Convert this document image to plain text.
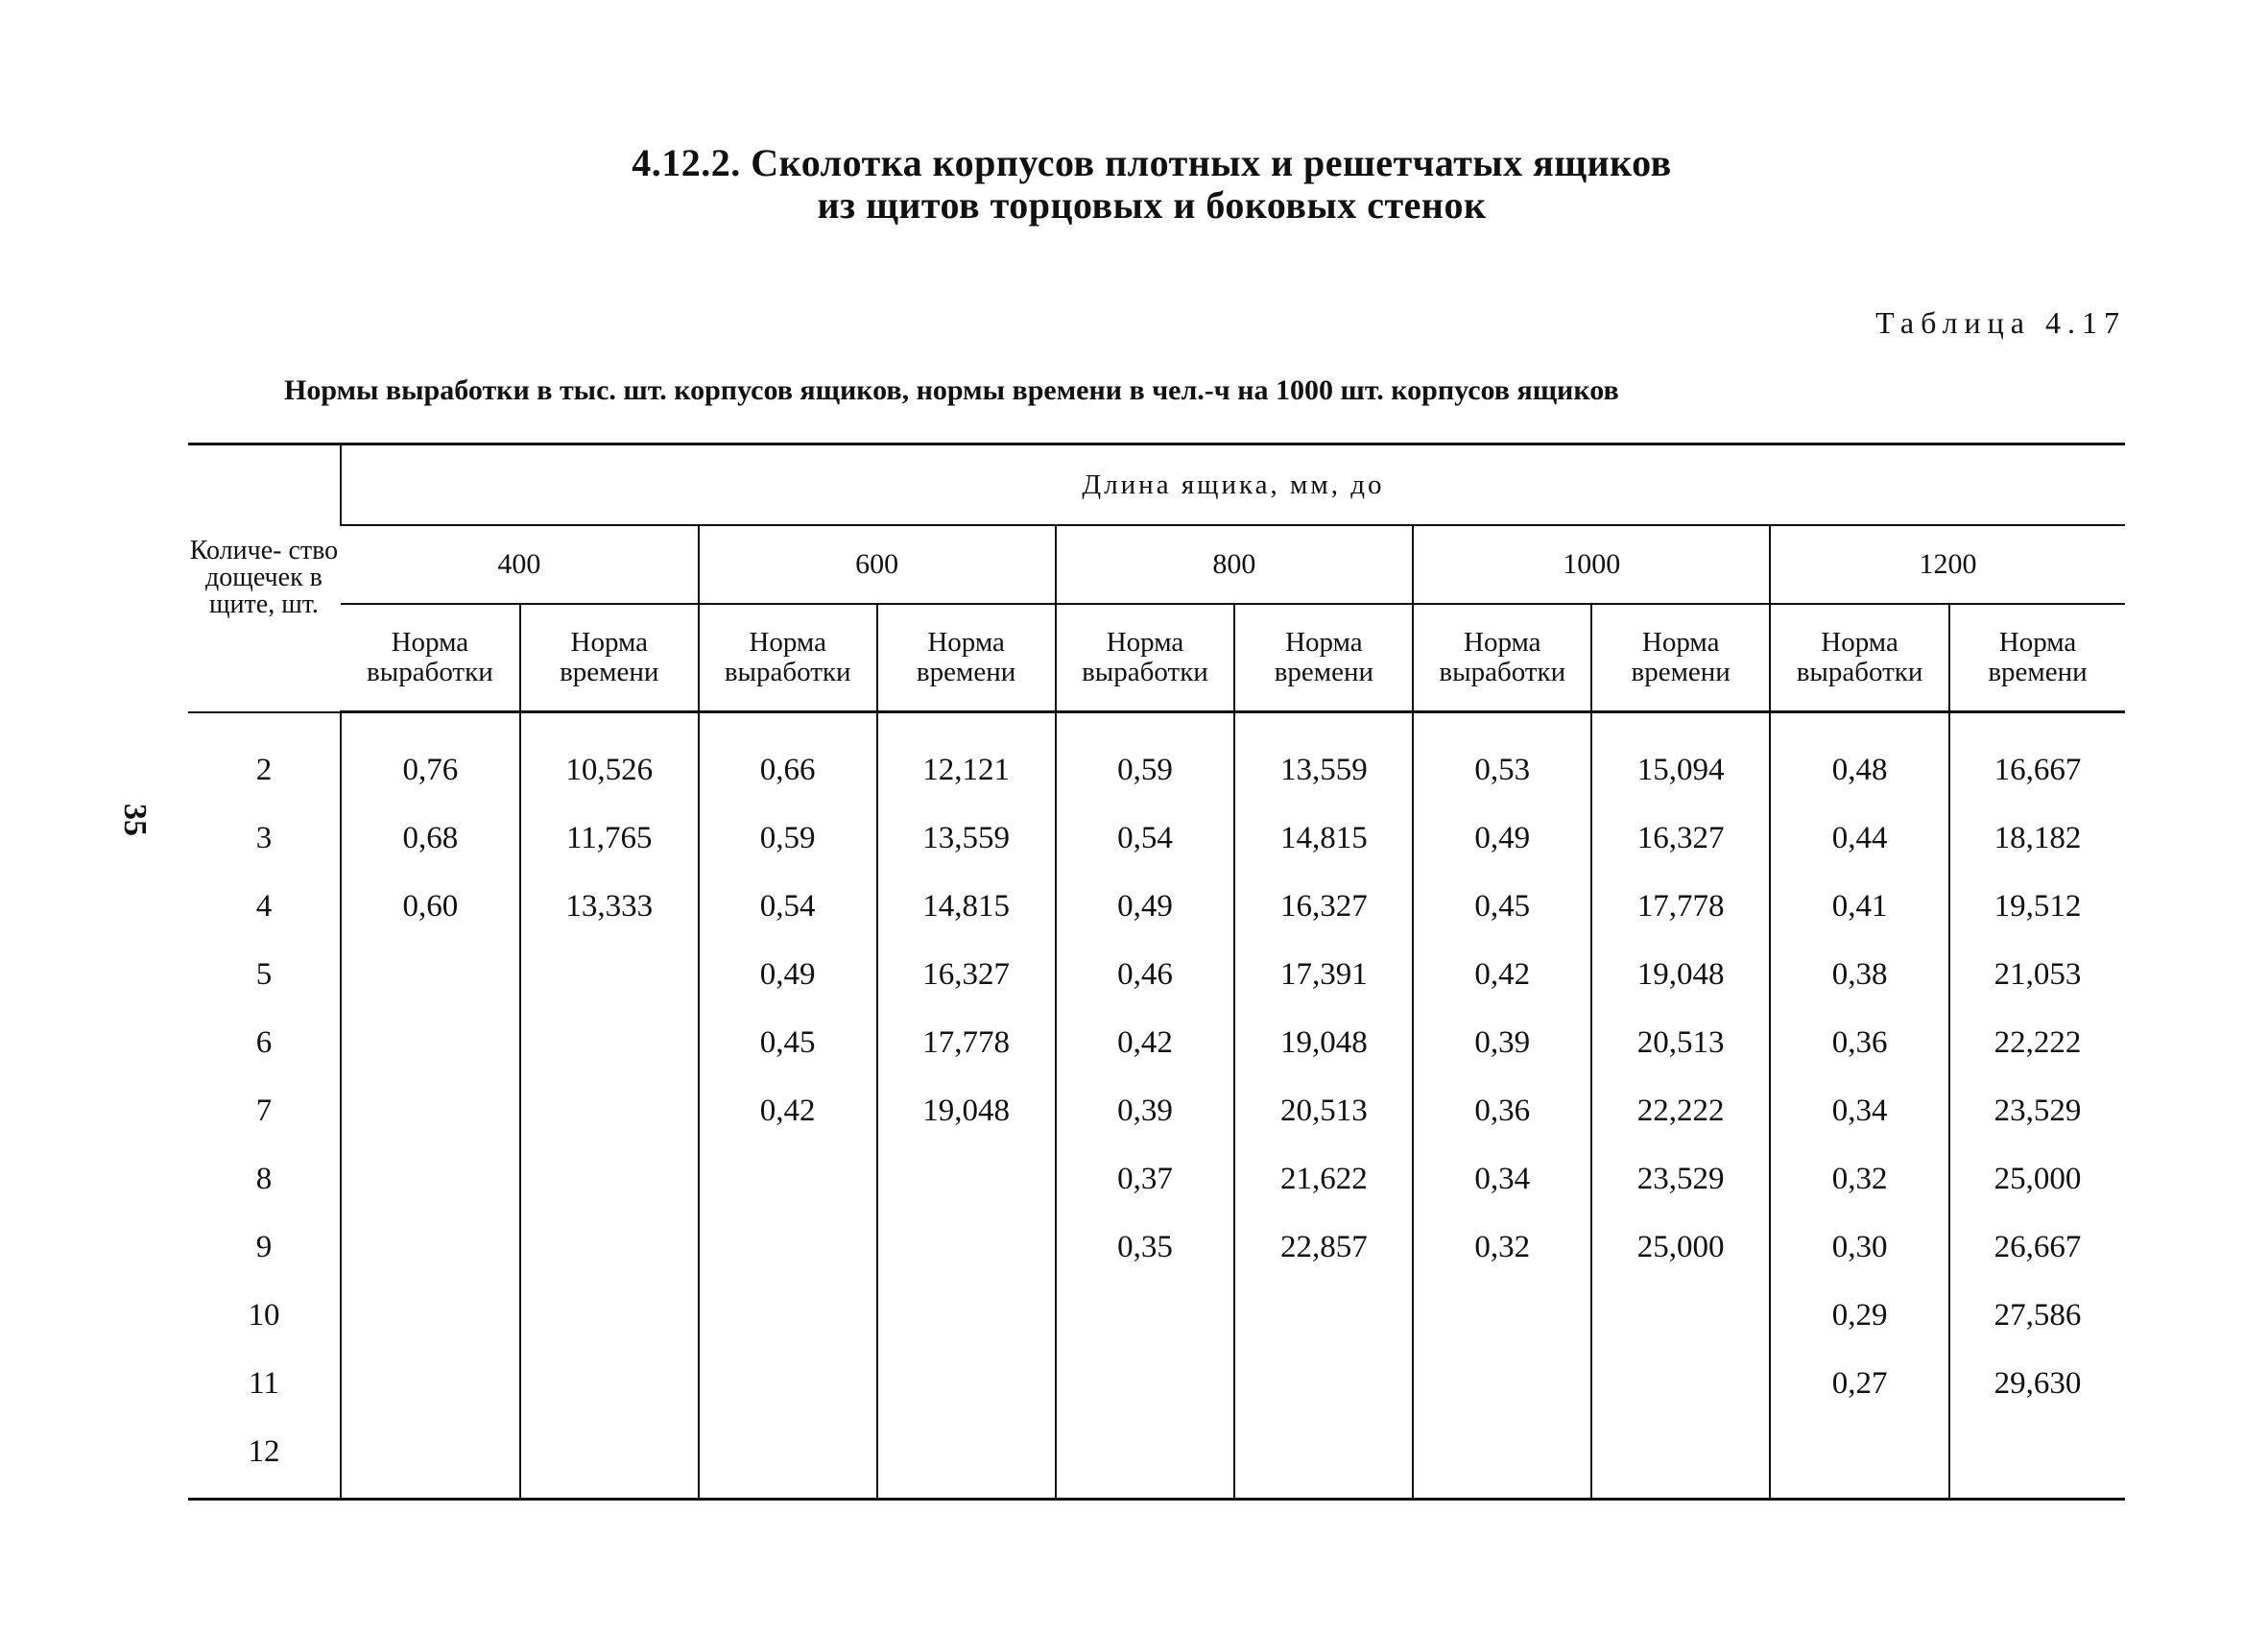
35
4.12.2. Сколотка корпусов плотных и решетчатых ящиков
из щитов торцовых и боковых стенок
Таблица 4.17
Нормы выработки в тыс. шт. корпусов ящиков, нормы времени в чел.-ч на 1000 шт. корпусов ящиков
Количе- ство дощечек в щите, шт.	Длина ящика, мм, до									
	400		600		800		1000		1200	
	Норма выработки	Норма времени	Норма выработки	Норма времени	Норма выработки	Норма времени	Норма выработки	Норма времени	Норма выработки	Норма времени
2	0,76	10,526	0,66	12,121	0,59	13,559	0,53	15,094	0,48	16,667
3	0,68	11,765	0,59	13,559	0,54	14,815	0,49	16,327	0,44	18,182
4	0,60	13,333	0,54	14,815	0,49	16,327	0,45	17,778	0,41	19,512
5			0,49	16,327	0,46	17,391	0,42	19,048	0,38	21,053
6			0,45	17,778	0,42	19,048	0,39	20,513	0,36	22,222
7			0,42	19,048	0,39	20,513	0,36	22,222	0,34	23,529
8					0,37	21,622	0,34	23,529	0,32	25,000
9					0,35	22,857	0,32	25,000	0,30	26,667
10									0,29	27,586
11									0,27	29,630
12										
